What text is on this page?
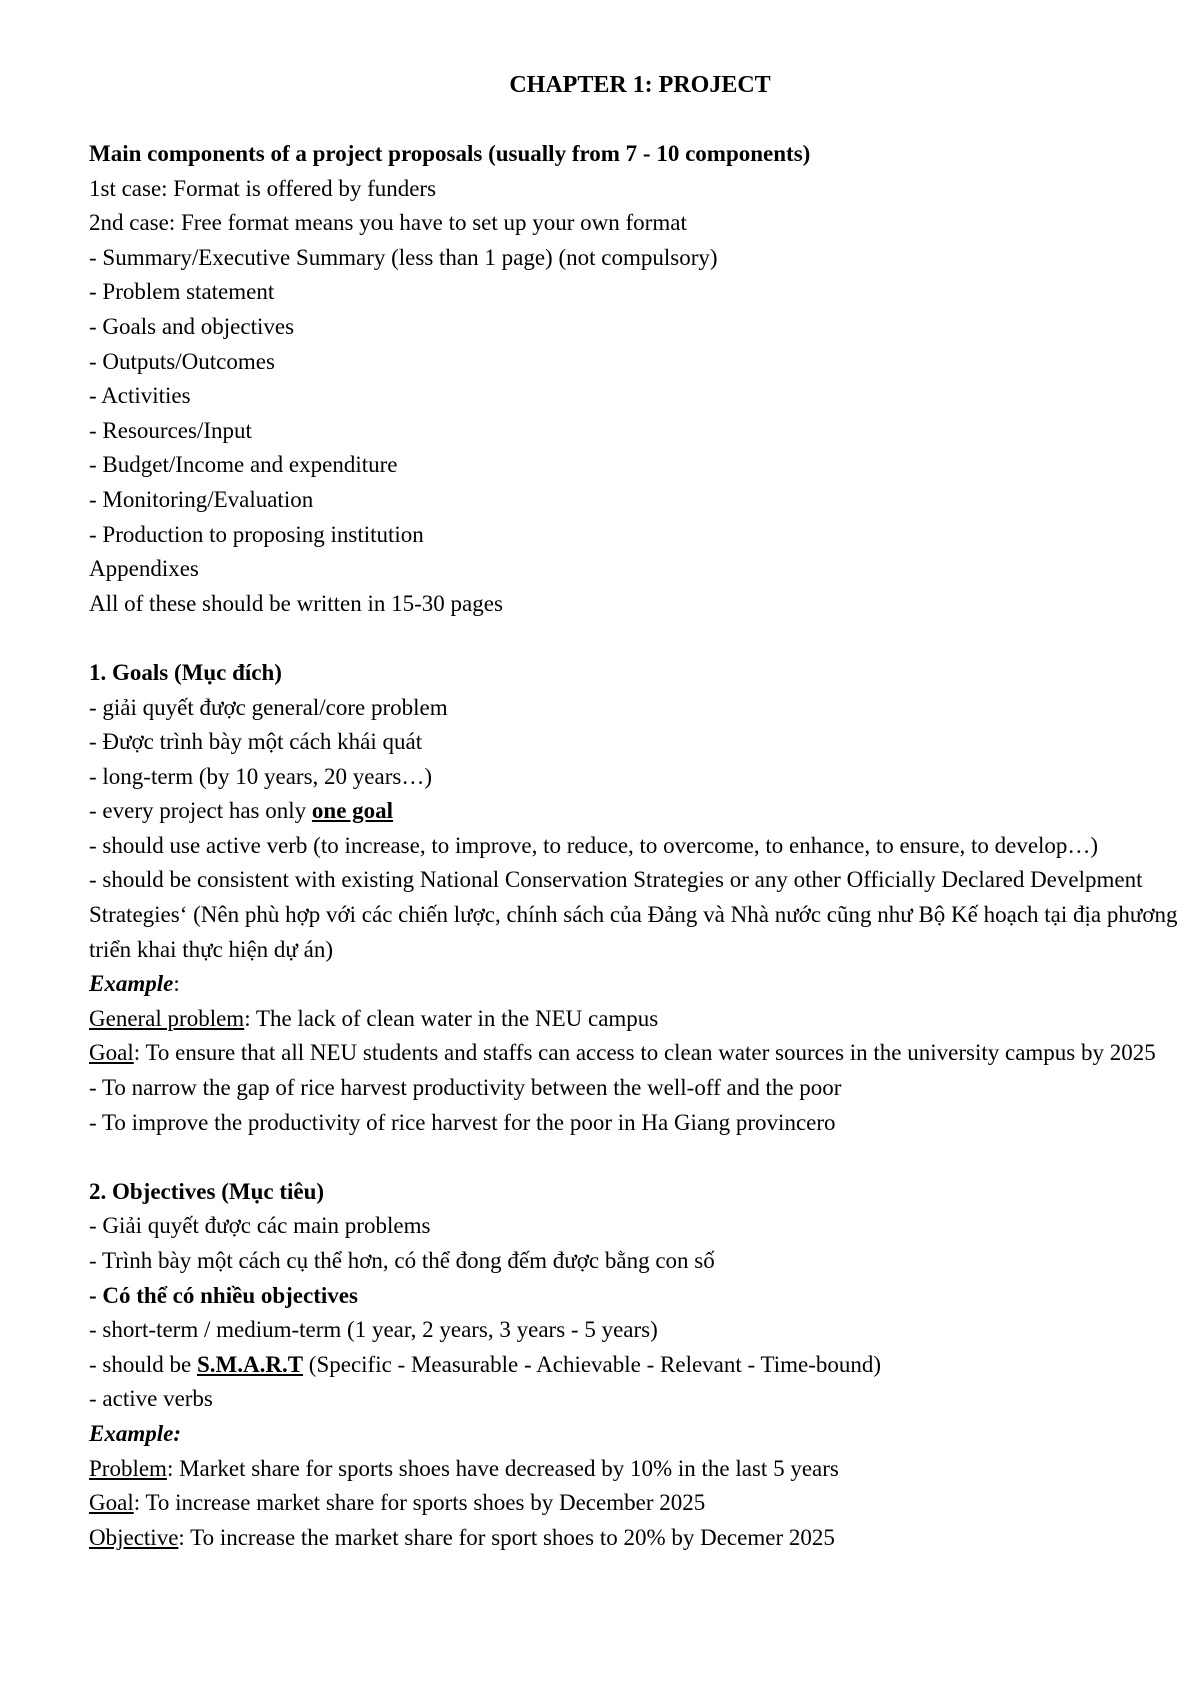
CHAPTER 1: PROJECT
Main components of a project proposals (usually from 7 - 10 components)
1st case: Format is offered by funders
2nd case: Free format means you have to set up your own format
- Summary/Executive Summary (less than 1 page) (not compulsory)
- Problem statement
- Goals and objectives
- Outputs/Outcomes
- Activities
- Resources/Input
- Budget/Income and expenditure
- Monitoring/Evaluation
- Production to proposing institution
Appendixes
All of these should be written in 15-30 pages
1. Goals (Mục đích)
- giải quyết được general/core problem
- Được trình bày một cách khái quát
- long-term (by 10 years, 20 years…)
- every project has only one goal
- should use active verb (to increase, to improve, to reduce, to overcome, to enhance, to ensure, to develop…)
- should be consistent with existing National Conservation Strategies or any other Officially Declared Develpment Strategies‘ (Nên phù hợp với các chiến lược, chính sách của Đảng và Nhà nước cũng như Bộ Kế hoạch tại địa phương triển khai thực hiện dự án)
Example:
General problem: The lack of clean water in the NEU campus
Goal: To ensure that all NEU students and staffs can access to clean water sources in the university campus by 2025
- To narrow the gap of rice harvest productivity between the well-off and the poor
- To improve the productivity of rice harvest for the poor in Ha Giang provincero
2. Objectives (Mục tiêu)
- Giải quyết được các main problems
- Trình bày một cách cụ thể hơn, có thể đong đếm được bằng con số
- Có thể có nhiều objectives
- short-term / medium-term (1 year, 2 years, 3 years - 5 years)
- should be S.M.A.R.T (Specific - Measurable - Achievable - Relevant - Time-bound)
- active verbs
Example:
Problem: Market share for sports shoes have decreased by 10% in the last 5 years
Goal: To increase market share for sports shoes by December 2025
Objective: To increase the market share for sport shoes to 20% by Decemer 2025
